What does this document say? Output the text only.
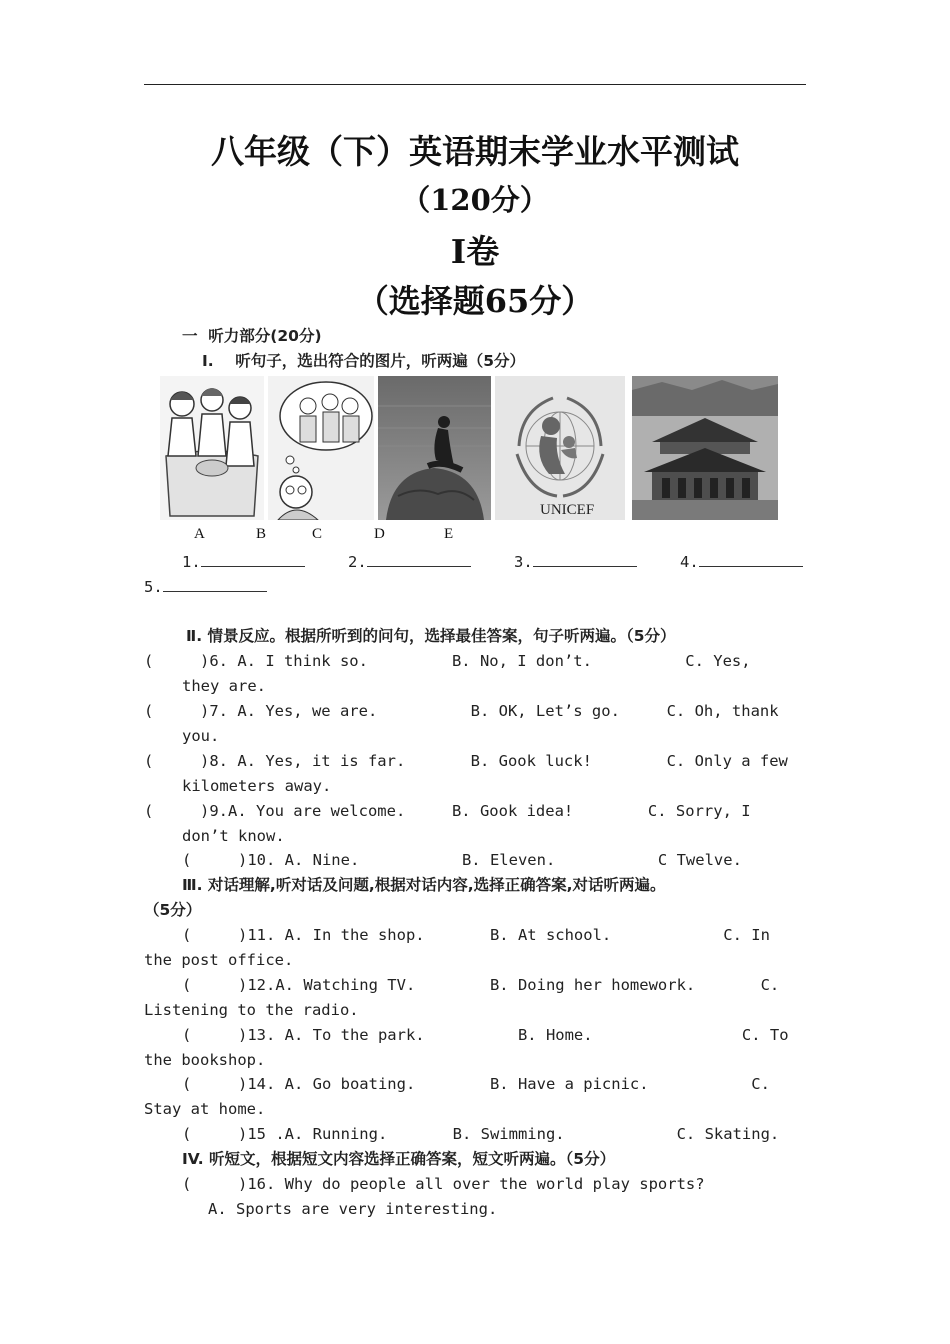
八年级（下）英语期末学业水平测试
（120分）
I卷
（选择题65分）
一  听力部分(20分)
I.    听句子，选出符合的图片，听两遍（5分）
UNICEF
A	B	C	D	E
1.	2.	3.	4.
5.
Ⅱ. 情景反应。根据所听到的问句，选择最佳答案，句子听两遍。（5分）
(     )6. A. I think so.         B. No, I don’t.          C. Yes,
they are.
(     )7. A. Yes, we are.          B. OK, Let’s go.     C. Oh, thank
you.
(     )8. A. Yes, it is far.       B. Gook luck!        C. Only a few
kilometers away.
(     )9.A. You are welcome.     B. Gook idea!        C. Sorry, I
don’t know.
(     )10. A. Nine.           B. Eleven.           C Twelve.
Ⅲ. 对话理解,听对话及问题,根据对话内容,选择正确答案,对话听两遍。
（5分）
(     )11. A. In the shop.       B. At school.            C. In
the post office.
(     )12.A. Watching TV.        B. Doing her homework.       C.
Listening to the radio.
(     )13. A. To the park.          B. Home.                C. To
the bookshop.
(     )14. A. Go boating.        B. Have a picnic.           C.
Stay at home.
(     )15 .A. Running.       B. Swimming.            C. Skating.
IV. 听短文，根据短文内容选择正确答案，短文听两遍。（5分）
(     )16. Why do people all over the world play sports?
A. Sports are very interesting.
